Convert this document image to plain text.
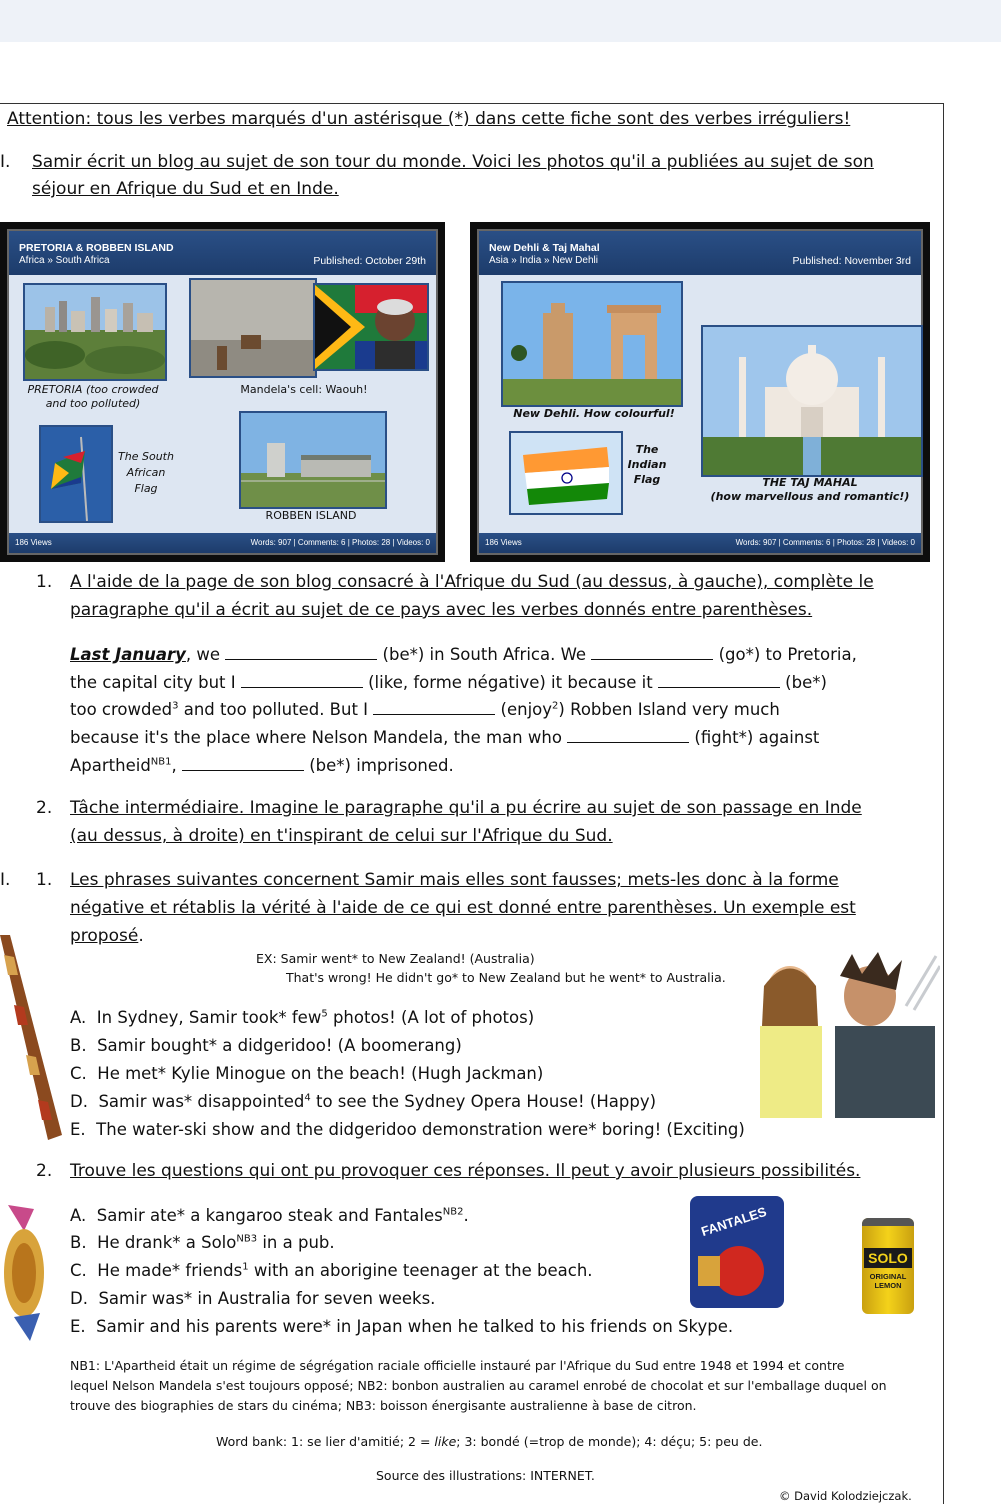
Attention: tous les verbes marqués d'un astérisque (*) dans cette fiche sont des verbes irréguliers!
I. Samir écrit un blog au sujet de son tour du monde. Voici les photos qu'il a publiées au sujet de son
séjour en Afrique du Sud et en Inde.
PRETORIA & ROBBEN ISLAND
Africa » South Africa	Published: October 29th
PRETORIA (too crowded
and too polluted)
Mandela's cell: Waouh!
The South
African
Flag
ROBBEN ISLAND
186 Views	Words: 907 | Comments: 6 | Photos: 28 | Videos: 0
New Dehli & Taj Mahal
Asia » India » New Dehli	Published: November 3rd
New Dehli. How colourful!
The
Indian
Flag	THE TAJ MAHAL
(how marvellous and romantic!)
186 Views	Words: 907 | Comments: 6 | Photos: 28 | Videos: 0
1. A l'aide de la page de son blog consacré à l'Afrique du Sud (au dessus, à gauche), complète le
paragraphe qu'il a écrit au sujet de ce pays avec les verbes donnés entre parenthèses.
Last January, we	(be*) in South Africa. We	(go*) to Pretoria,
the capital city but I	(like, forme négative) it because it	(be*)
too crowded$^3$ and too polluted. But I	(enjoy$^2$) Robben Island very much
because it's the place where Nelson Mandela, the man who	(fight*) against
Apartheid$^{NB1}$,	(be*) imprisoned.
2. Tâche intermédiaire. Imagine le paragraphe qu'il a pu écrire au sujet de son passage en Inde
(au dessus, à droite) en t'inspirant de celui sur l'Afrique du Sud.
I. 1. Les phrases suivantes concernent Samir mais elles sont fausses; mets-les donc à la forme
négative et rétablis la vérité à l'aide de ce qui est donné entre parenthèses. Un exemple est
proposé.
EX: Samir went* to New Zealand! (Australia)
That's wrong! He didn't go* to New Zealand but he went* to Australia.
A. In Sydney, Samir took* few$^5$ photos! (A lot of photos)
B. Samir bought* a didgeridoo! (A boomerang)
C. He met* Kylie Minogue on the beach! (Hugh Jackman)
D. Samir was* disappointed$^4$ to see the Sydney Opera House! (Happy)
E. The water-ski show and the didgeridoo demonstration were* boring! (Exciting)
2. Trouve les questions qui ont pu provoquer ces réponses. Il peut y avoir plusieurs possibilités.
A. Samir ate* a kangaroo steak and Fantales$^{NB2}$.
B. He drank* a Solo$^{NB3}$ in a pub.
C. He made* friends$^1$ with an aborigine teenager at the beach.
D. Samir was* in Australia for seven weeks.
E. Samir and his parents were* in Japan when he talked to his friends on Skype.
FANTALES
SOLO
ORIGINAL LEMON
NB1: L'Apartheid était un régime de ségrégation raciale officielle instauré par l'Afrique du Sud entre 1948 et 1994 et contre
lequel Nelson Mandela s'est toujours opposé; NB2: bonbon australien au caramel enrobé de chocolat et sur l'emballage duquel on
trouve des biographies de stars du cinéma; NB3: boisson énergisante australienne à base de citron.
Word bank: 1: se lier d'amitié; 2 = like; 3: bondé (=trop de monde); 4: déçu; 5: peu de.
Source des illustrations: INTERNET.
© David Kolodziejczak.
